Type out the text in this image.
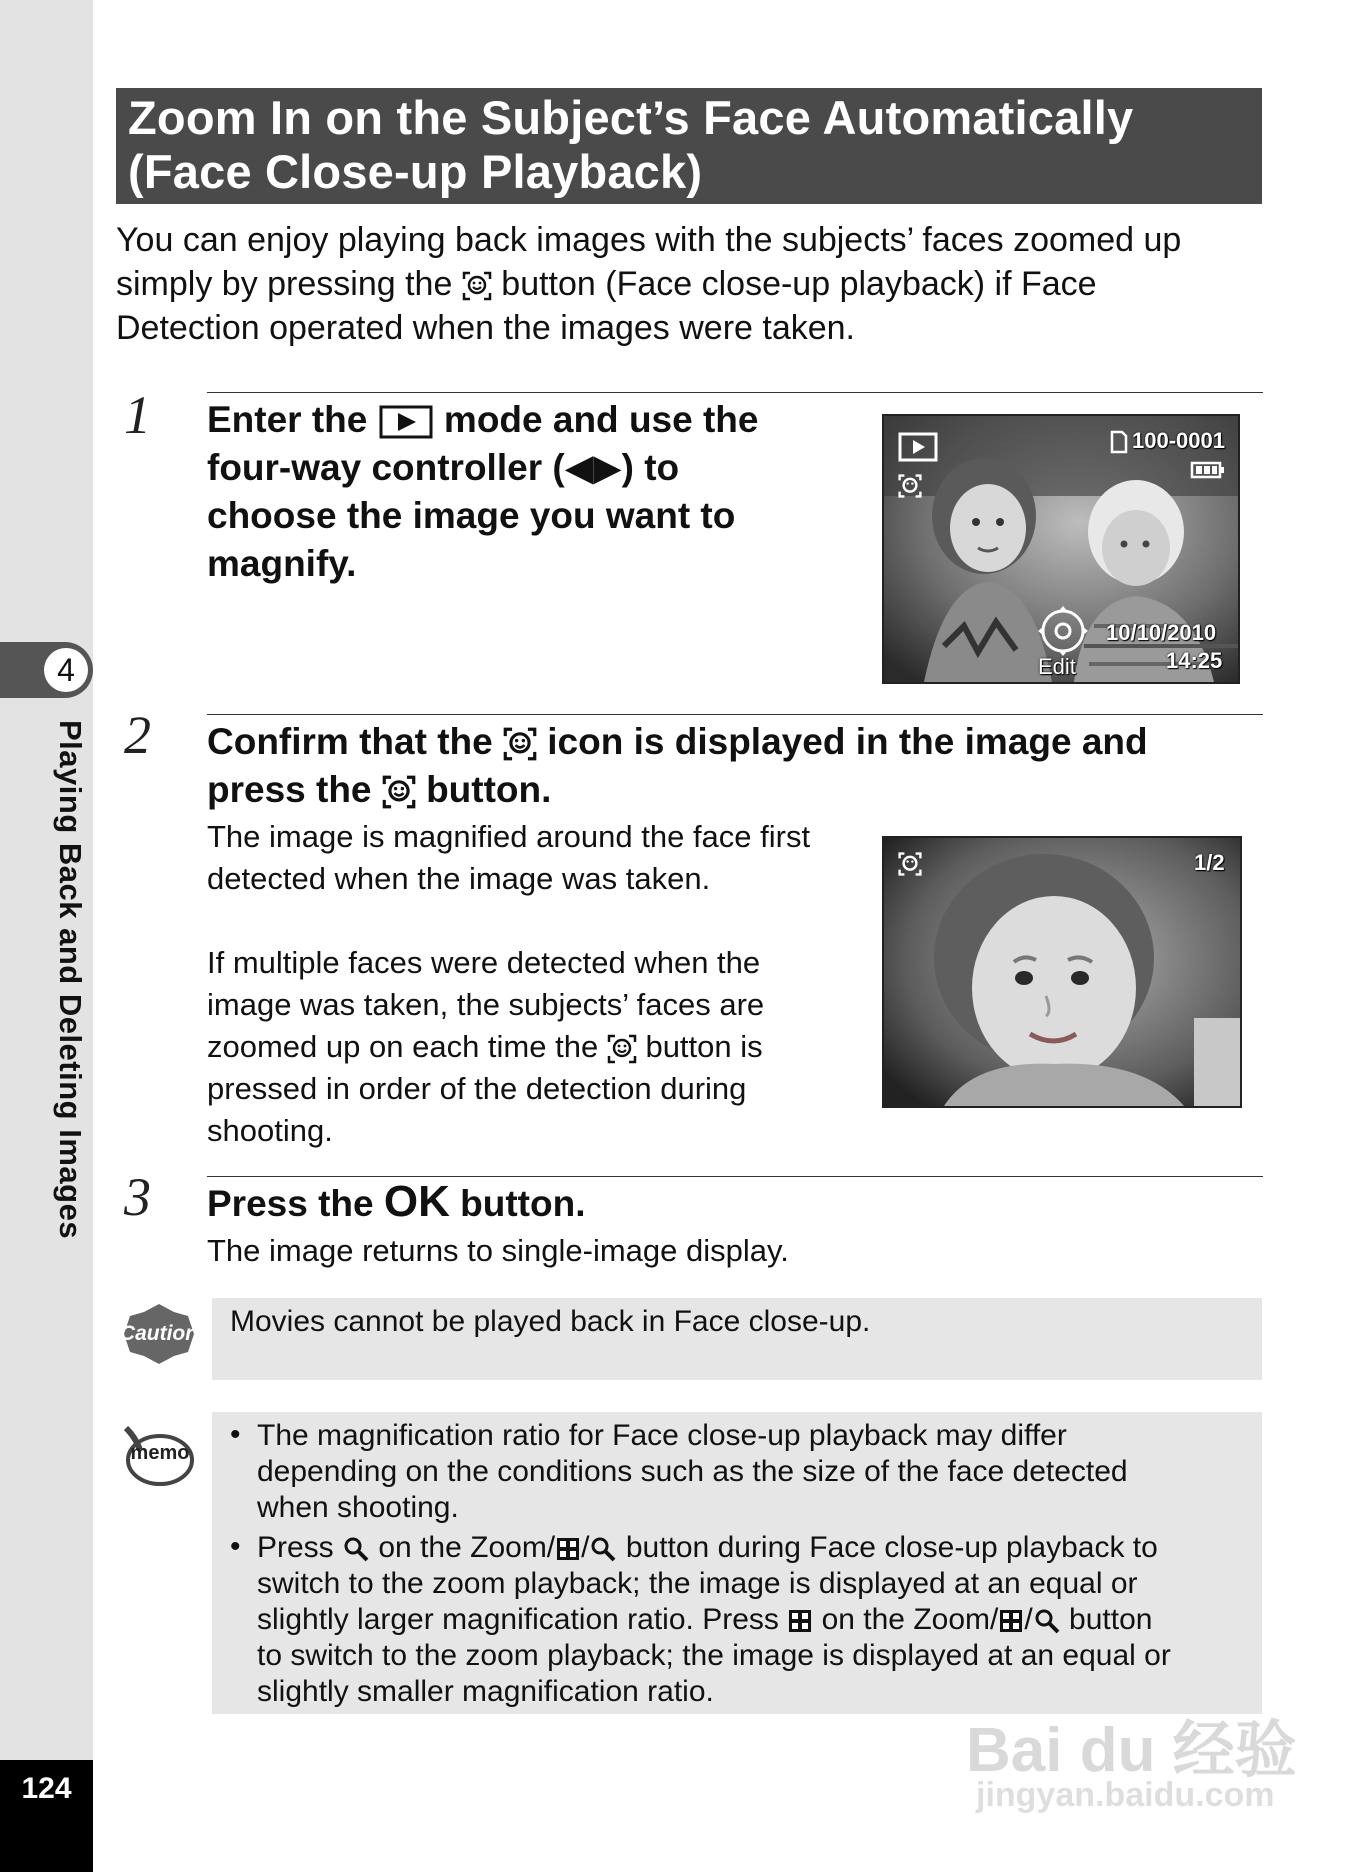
4
Playing Back and Deleting Images
124
Zoom In on the Subject’s Face Automatically
(Face Close-up Playback)
You can enjoy playing back images with the subjects’ faces zoomed up
simply by pressing the button (Face close-up playback) if Face
Detection operated when the images were taken.
1 Enter the mode and use the
four-way controller (◀▶) to
choose the image you want to
magnify.
100-0001
Edit
10/10/2010
14:25
2 Confirm that the icon is displayed in the image and
press the button.
The image is magnified around the face first
detected when the image was taken.
If multiple faces were detected when the
image was taken, the subjects’ faces are
zoomed up on each time the button is
pressed in order of the detection during
shooting.
1/2
3 Press the OK button.
The image returns to single-image display.
Caution Movies cannot be played back in Face close-up.
memo
• The magnification ratio for Face close-up playback may differ
depending on the conditions such as the size of the face detected
when shooting.
• Press on the Zoom/ / button during Face close-up playback to
switch to the zoom playback; the image is displayed at an equal or
slightly larger magnification ratio. Press on the Zoom/ / button
to switch to the zoom playback; the image is displayed at an equal or
slightly smaller magnification ratio.
Bai du 经验
jingyan.baidu.com
